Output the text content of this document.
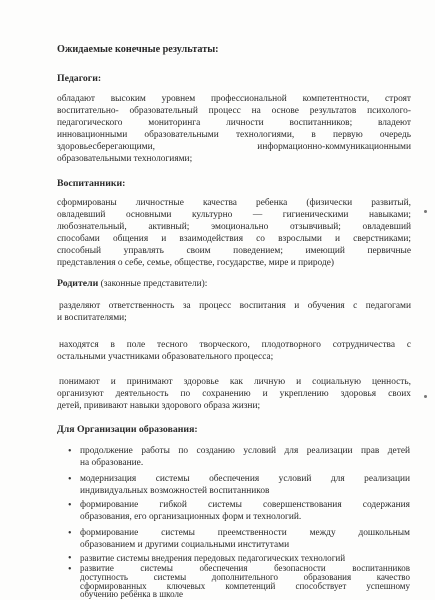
Ожидаемые конечные результаты:
Педагоги:
обладают высоким уровнем профессиональной компетентности, строят
воспитательно- образовательный процесс на основе результатов психолого-
педагогического мониторинга личности воспитанников; владеют
инновационными образовательными технологиями, в первую очередь
здоровьесберегающими, информационно-коммуникационными
образовательными технологиями;
Воспитанники:
сформированы личностные качества ребенка (физически развитый,
овладевший основными культурно — гигиеническими навыками;
любознательный, активный; эмоционально отзывчивый; овладевший
способами общения и взаимодействия со взрослыми и сверстниками;
способный управлять своим поведением; имеющий первичные
представления о себе, семье, обществе, государстве, мире и природе)
Родители (законные представители):
разделяют ответственность за процесс воспитания и обучения с педагогами
и воспитателями;
находятся в поле тесного творческого, плодотворного сотрудничества с
остальными участниками образовательного процесса;
понимают и принимают здоровье как личную и социальную ценность,
организуют деятельность по сохранению и укреплению здоровья своих
детей, прививают навыки здорового образа жизни;
Для Организации образования:
• продолжение работы по созданию условий для реализации прав детей
на образование.
• модернизация системы обеспечения условий для реализации
индивидуальных возможностей воспитанников
• формирование гибкой системы совершенствования содержания
образования, его организационных форм и технологий.
• формирование системы преемственности между дошкольным
образованием и другими социальными институтами
• развитие системы внедрения передовых педагогических технологий
• развитие системы обеспечения безопасности воспитанников
доступность системы дополнительного образования качество
сформированных ключевых компетенций способствует успешному
обучению ребёнка в школе
